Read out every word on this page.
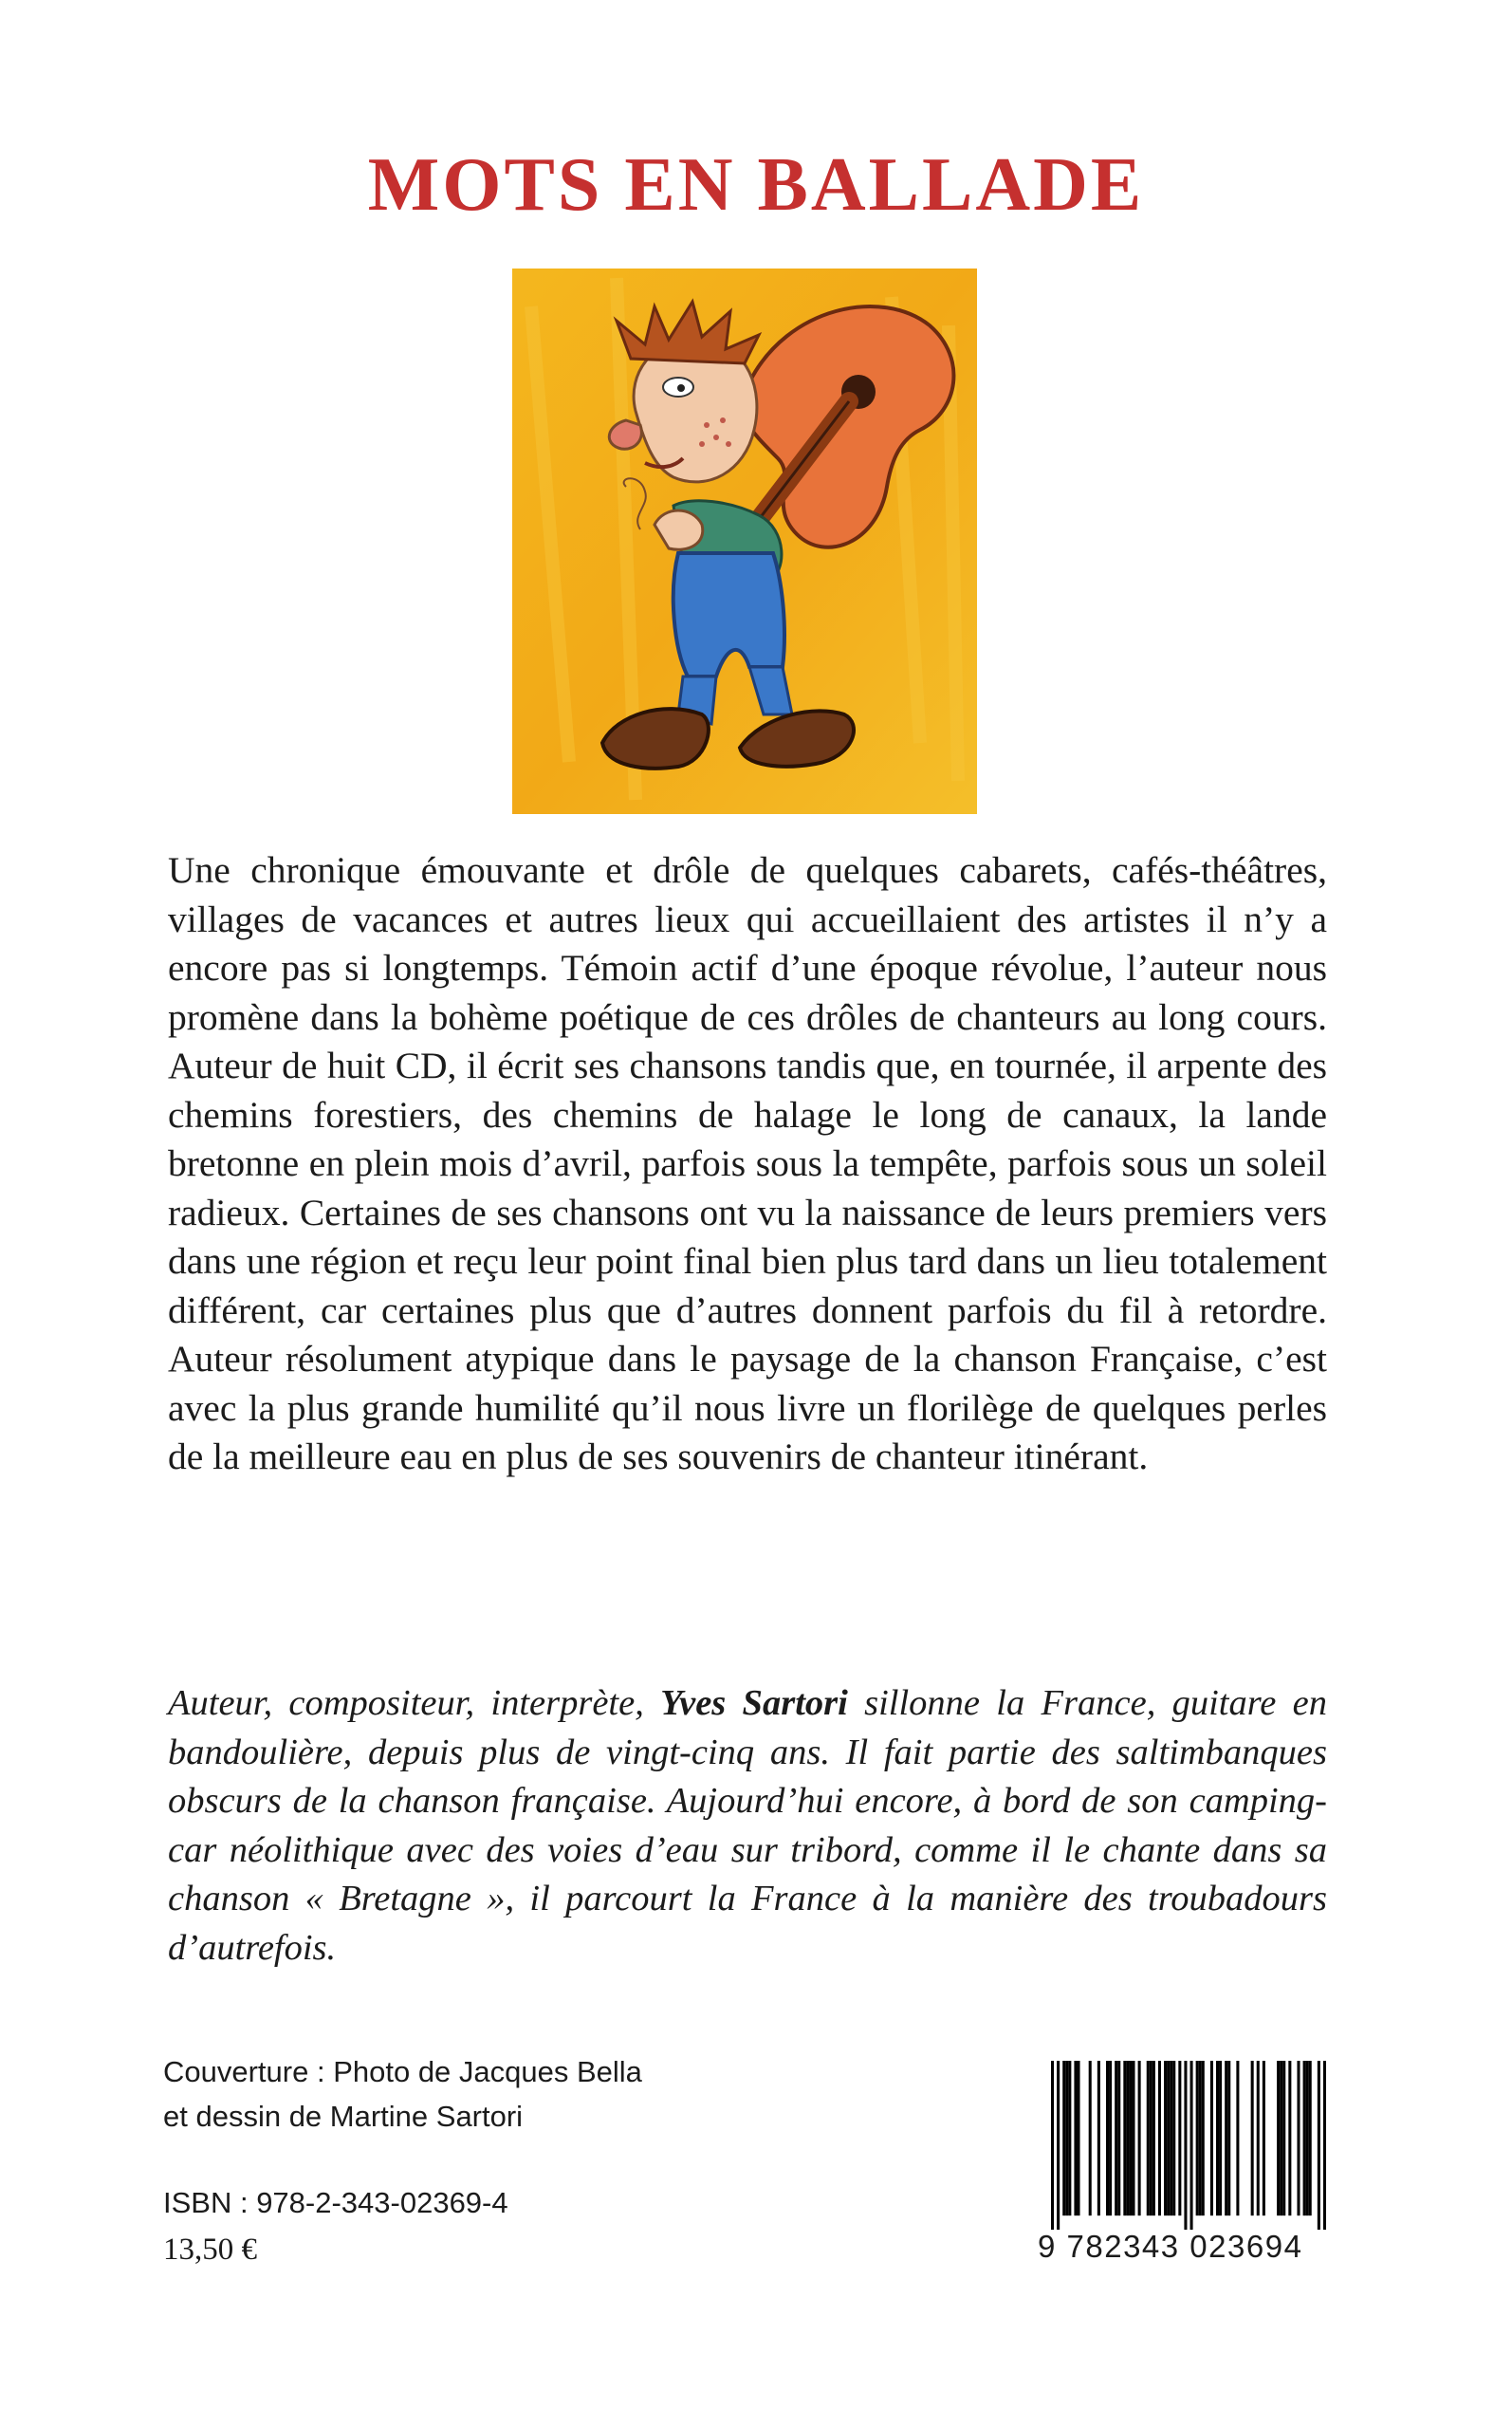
MOTS EN BALLADE

Une chronique émouvante et drôle de quelques cabarets, cafés-théâtres, villages de vacances et autres lieux qui accueillaient des artistes il n’y a encore pas si longtemps. Témoin actif d’une époque révolue, l’auteur nous promène dans la bohème poétique de ces drôles de chanteurs au long cours. Auteur de huit CD, il écrit ses chansons tandis que, en tournée, il arpente des chemins forestiers, des chemins de halage le long de canaux, la lande bretonne en plein mois d’avril, parfois sous la tempête, parfois sous un soleil radieux. Certaines de ses chansons ont vu la naissance de leurs premiers vers dans une région et reçu leur point final bien plus tard dans un lieu totalement différent, car certaines plus que d’autres donnent parfois du fil à retordre. Auteur résolument atypique dans le paysage de la chanson Française, c’est avec la plus grande humilité qu’il nous livre un florilège de quelques perles de la meilleure eau en plus de ses souvenirs de chanteur itinérant.

Auteur, compositeur, interprète, Yves Sartori sillonne la France, guitare en bandoulière, depuis plus de vingt-cinq ans. Il fait partie des saltimbanques obscurs de la chanson française. Aujourd’hui encore, à bord de son camping-car néolithique avec des voies d’eau sur tribord, comme il le chante dans sa chanson « Bretagne », il parcourt la France à la manière des troubadours d’autrefois.

Couverture : Photo de Jacques Bella
et dessin de Martine Sartori
ISBN : 978-2-343-02369-4
13,50 €	9 782343 023694
